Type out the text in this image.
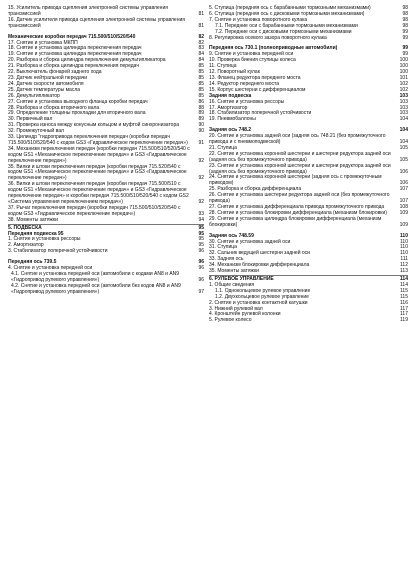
15. Усилитель привода сцепления электронной системы управления трансмиссией	81
16. Датчик усилителя привода сцепления электронной системы управления трансмиссией	81
Механические коробки передач 715.500/510/520/540	82
17. Снятие и установка МКПП	82
18. Снятие и установка цилиндра переключения передач	83
19. Снятие и установка цилиндра переключения передач	84
20. Разборка и сборка цилиндра переключения демультипликатора	84
21. Разборка и сборка цилиндра переключения передач	85
22. Выключатель фонарей заднего хода	85
23. Датчик нейтральной передачи	85
24. Датчик скорости автомобиля	85
25. Датчик температуры масла	85
26. Демультипликатор	85
27. Снятие и установка выходного фланца коробки передач	86
28. Разборка и сборка вторичного вала	88
29. Определение толщины прокладки для вторичного вала	89
30. Первичный вал	89
31. Проверка износа между конусным кольцом и муфтой синхронизатора	90
32. Промежуточный вал	90
33. Цилиндр "гидропривода переключения передач (коробки передач 715.500/510/520/540 с кодом GS3 «Гидравлическое переключение передач»)	91
34. Механизм переключения передач (коробки передач 715.500/510/520/540 с кодом GS1 «Механическое переключение передач» и GS3 «Гидравлическое переключение передач»)	92
35. Вилки и штоки переключения передач (коробки передач 715.520/540 с кодом GS1 «Механическое переключение передач» и GS3 «Гидравлическое переключение передач»)	92
36. Вилки и штоки переключения передач (коробки передач 715.500/510 с кодом GS1 «Механическое переключение передач» и GS3 «Гидравлическое переключение передач» и коробки передач 715.500/510/520/540 с кодом GS2 «Система управления переключением передач»)	92
37. Рычаг переключения передач (коробки передач 715.500/510/520/540 с кодом GS3 «Гидравлическое переключение передач»)	93
38. Моменты затяжки	94
5. ПОДВЕСКА	95
Передняя подвеска 95	95
1. Снятие и установка рессоры	95
2. Амортизатор	95
3. Стабилизатор поперечной устойчивости	96
Передняя ось 739.5	96
4. Снятие и установка передней оси	96
4.1. Снятие и установка передней оси (автомобили с кодами AN8 и AN9 «Гидропривод рулевого управления»)	96
4.2. Снятие и установка передней оси (автомобили без кодов AN8 и AN9 «Гидропривод рулевого управления»)	97
5. Ступица (передняя ось с барабанными тормозными механизмами)	98
6. Ступица (передняя ось с дисковыми тормозными механизмами)	98
7. Снятие и установка поворотного кулака	98
7.1. Передние оси с барабанными тормозными механизмами	98
7.2. Передние оси с дисковыми тормозными механизмами	99
8. Регулировка осевого зазора поворотного кулака	99
Передняя ось 730.1 (полноприводные автомобили)	99
9. Снятие и установка передней оси	99
10. Проверка биения ступицы колеса	100
11. Ступица	100
12. Поворотный кулак	100
13. Фланец редуктора переднего моста	101
14. Редуктор переднего моста	102
15. Корпус шестерни с дифференциалом	102
Задняя подвеска	103
16. Снятие и установка рессоры	103
17. Амортизатор	103
18. Стабилизатор поперечной устойчивости	103
19. Пневмобаллоны	104
Задняя ось 748.2	104
20. Снятие и установка задней оси (задняя ось 748.21 (без промежуточного привода и с пневмоподвеской)	104
21. Ступица	105
22. Снятие и установка коронной шестерни и шестерни редуктора задней оси (задняя ось без промежуточного привода)	105
23. Снятие и установка коронной шестерни и шестерни редуктора задней оси (задняя ось без промежуточного привода)	106
24. Снятие и установка коронной шестерни (задняя ось с промежуточным приводом)	106
25. Разборка и сборка дифференциала	107
26. Снятие и установка шестерни редуктора задней оси (без промежуточного привода)	107
27. Снятие и установка дифференциала привода промежуточного привода	108
28. Снятие и установка блокировки дифференциала (механизм блокировки)	109
29. Снятие и установка цилиндра блокировки дифференциала (механизм блокировки)	109
Задняя ось 748.59	110
30. Снятие и установка задней оси	110
31. Ступица	110
32. Сальник ведущей шестерни задней оси	110
33. Задняя ось	111
34. Механизм блокировки дифференциала	112
35. Моменты затяжки	113
6. РУЛЕВОЕ УПРАВЛЕНИЕ	114
1. Общие сведения	114
1.1. Однокольцевое рулевое управление	115
1.2. Двухкольцевое рулевое управление	115
2. Снятие и установка контактной катушки	116
3. Нижний рулевой вал	117
4. Кронштейн рулевой колонки	117
5. Рулевое колесо	119
